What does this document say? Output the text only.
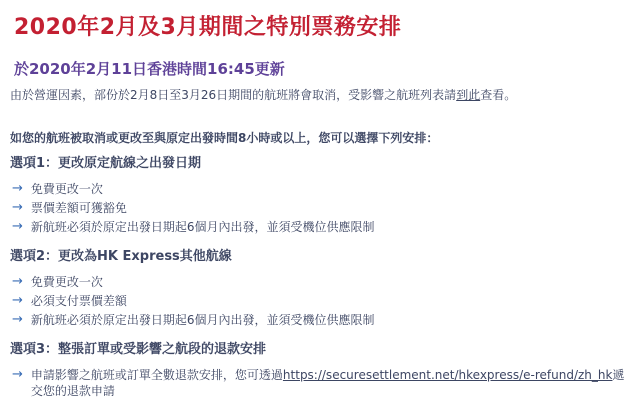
2020年2月及3月期間之特別票務安排
於2020年2月11日香港時間16:45更新

由於營運因素，部份於2月8日至3月26日期間的航班將會取消，受影響之航班列表請到此查看。

如您的航班被取消或更改至與原定出發時間8小時或以上，您可以選擇下列安排：

選項1：更改原定航線之出發日期
→ 免費更改一次
→ 票價差額可獲豁免
→ 新航班必須於原定出發日期起6個月內出發，並須受機位供應限制
選項2：更改為HK Express其他航線
→ 免費更改一次
→ 必須支付票價差額
→ 新航班必須於原定出發日期起6個月內出發，並須受機位供應限制
選項3：整張訂單或受影響之航段的退款安排
→ 申請影響之航班或訂單全數退款安排，您可透過https://securesettlement.net/hkexpress/e-refund/zh_hk遞交您的退款申請
